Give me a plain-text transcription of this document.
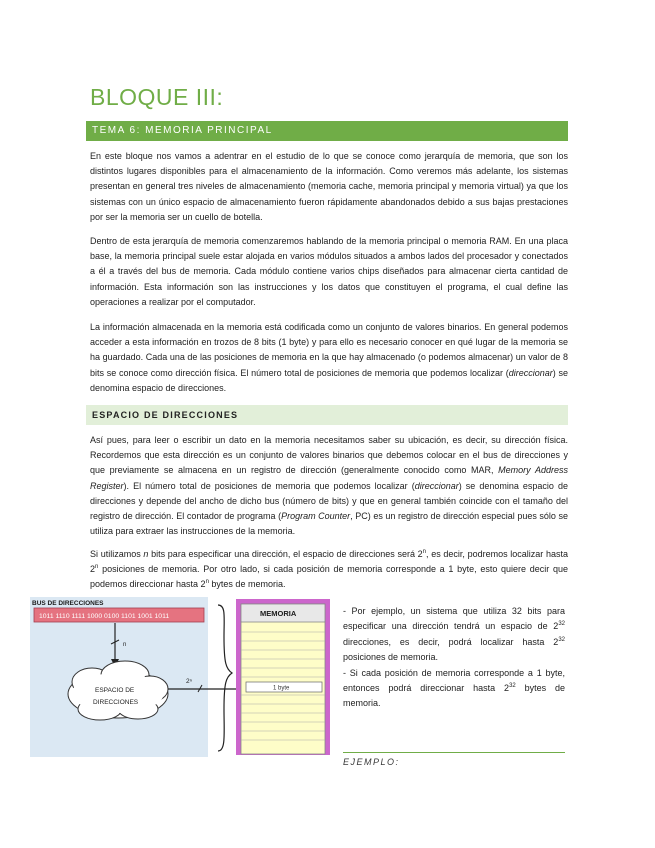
BLOQUE III:
TEMA 6: MEMORIA PRINCIPAL

En este bloque nos vamos a adentrar en el estudio de lo que se conoce como jerarquía de memoria, que son los distintos lugares disponibles para el almacenamiento de la información. Como veremos más adelante, los sistemas presentan en general tres niveles de almacenamiento (memoria cache, memoria principal y memoria virtual) ya que los sistemas con un único espacio de almacenamiento fueron rápidamente abandonados debido a sus bajas prestaciones por ser la memoria ser un cuello de botella.

Dentro de esta jerarquía de memoria comenzaremos hablando de la memoria principal o memoria RAM. En una placa base, la memoria principal suele estar alojada en varios módulos situados a ambos lados del procesador y conectados a él a través del bus de memoria. Cada módulo contiene varios chips diseñados para almacenar cierta cantidad de información. Esta información son las instrucciones y los datos que constituyen el programa, el cual define las operaciones a realizar por el computador.

La información almacenada en la memoria está codificada como un conjunto de valores binarios. En general podemos acceder a esta información en trozos de 8 bits (1 byte) y para ello es necesario conocer en qué lugar de la memoria se ha guardado. Cada una de las posiciones de memoria en la que hay almacenado (o podemos almacenar) un valor de 8 bits se conoce como dirección física. El número total de posiciones de memoria que podemos localizar (direccionar) se denomina espacio de direcciones.

ESPACIO DE DIRECCIONES

Así pues, para leer o escribir un dato en la memoria necesitamos saber su ubicación, es decir, su dirección física. Recordemos que esta dirección es un conjunto de valores binarios que debemos colocar en el bus de direcciones y que previamente se almacena en un registro de dirección (generalmente conocido como MAR, Memory Address Register). El número total de posiciones de memoria que podemos localizar (direccionar) se denomina espacio de direcciones y depende del ancho de dicho bus (número de bits) y que en general también coincide con el tamaño del registro de dirección. El contador de programa (Program Counter, PC) es un registro de dirección especial pues sólo se utiliza para extraer las instrucciones de la memoria.

Si utilizamos n bits para especificar una dirección, el espacio de direcciones será 2$^n$, es decir, podremos localizar hasta 2$^n$ posiciones de memoria. Por otro lado, si cada posición de memoria corresponde a 1 byte, esto quiere decir que podemos direccionar hasta 2$^n$ bytes de memoria.

BUS DE DIRECCIONES
1011 1110 1111 1000 0100 1101 1001 1011
n
ESPACIO DE
DIRECCIONES
2ⁿ
MEMORIA
1 byte

- Por ejemplo, un sistema que utiliza 32 bits para especificar una dirección tendrá un espacio de $2^{32}$ direcciones, es decir, podrá localizar hasta $2^{32}$ posiciones de memoria.

- Si cada posición de memoria corresponde a 1 byte, entonces podrá direccionar hasta $2^{32}$ bytes de memoria.

EJEMPLO:
